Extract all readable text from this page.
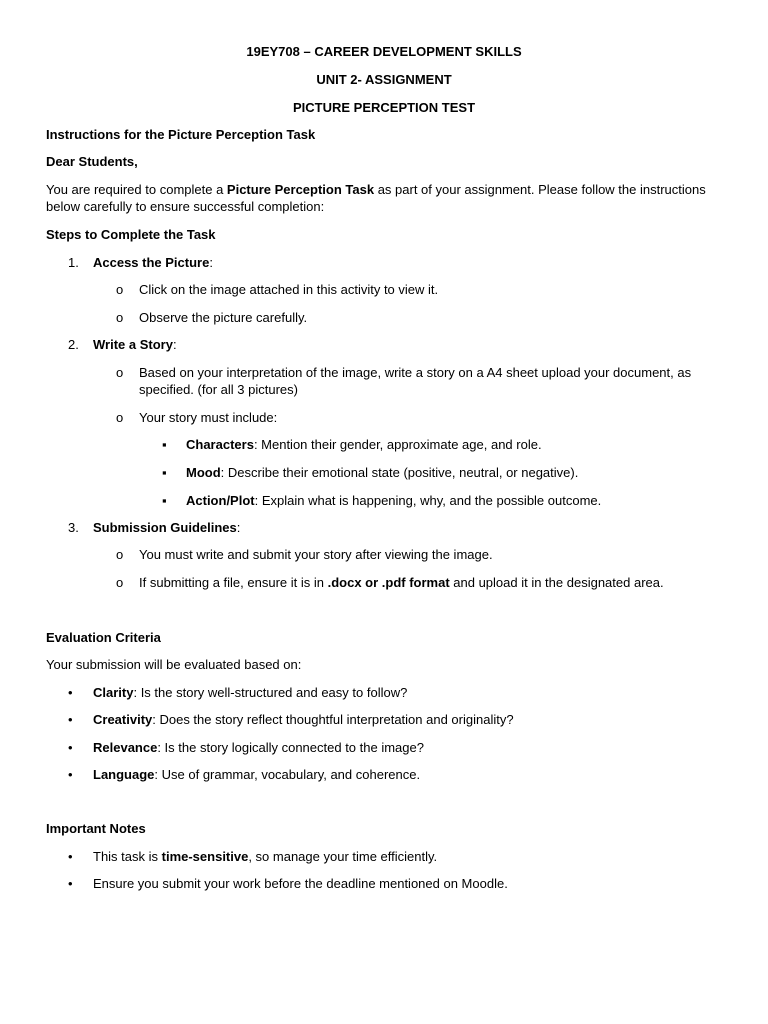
19EY708 – CAREER DEVELOPMENT SKILLS
UNIT 2- ASSIGNMENT
PICTURE PERCEPTION TEST
Instructions for the Picture Perception Task
Dear Students,
You are required to complete a Picture Perception Task as part of your assignment. Please follow the instructions below carefully to ensure successful completion:
Steps to Complete the Task
1. Access the Picture:
o Click on the image attached in this activity to view it.
o Observe the picture carefully.
2. Write a Story:
o Based on your interpretation of the image, write a story on a A4 sheet upload your document, as specified. (for all 3 pictures)
o Your story must include:
▪ Characters: Mention their gender, approximate age, and role.
▪ Mood: Describe their emotional state (positive, neutral, or negative).
▪ Action/Plot: Explain what is happening, why, and the possible outcome.
3. Submission Guidelines:
o You must write and submit your story after viewing the image.
o If submitting a file, ensure it is in .docx or .pdf format and upload it in the designated area.
Evaluation Criteria
Your submission will be evaluated based on:
• Clarity: Is the story well-structured and easy to follow?
• Creativity: Does the story reflect thoughtful interpretation and originality?
• Relevance: Is the story logically connected to the image?
• Language: Use of grammar, vocabulary, and coherence.
Important Notes
• This task is time-sensitive, so manage your time efficiently.
• Ensure you submit your work before the deadline mentioned on Moodle.
